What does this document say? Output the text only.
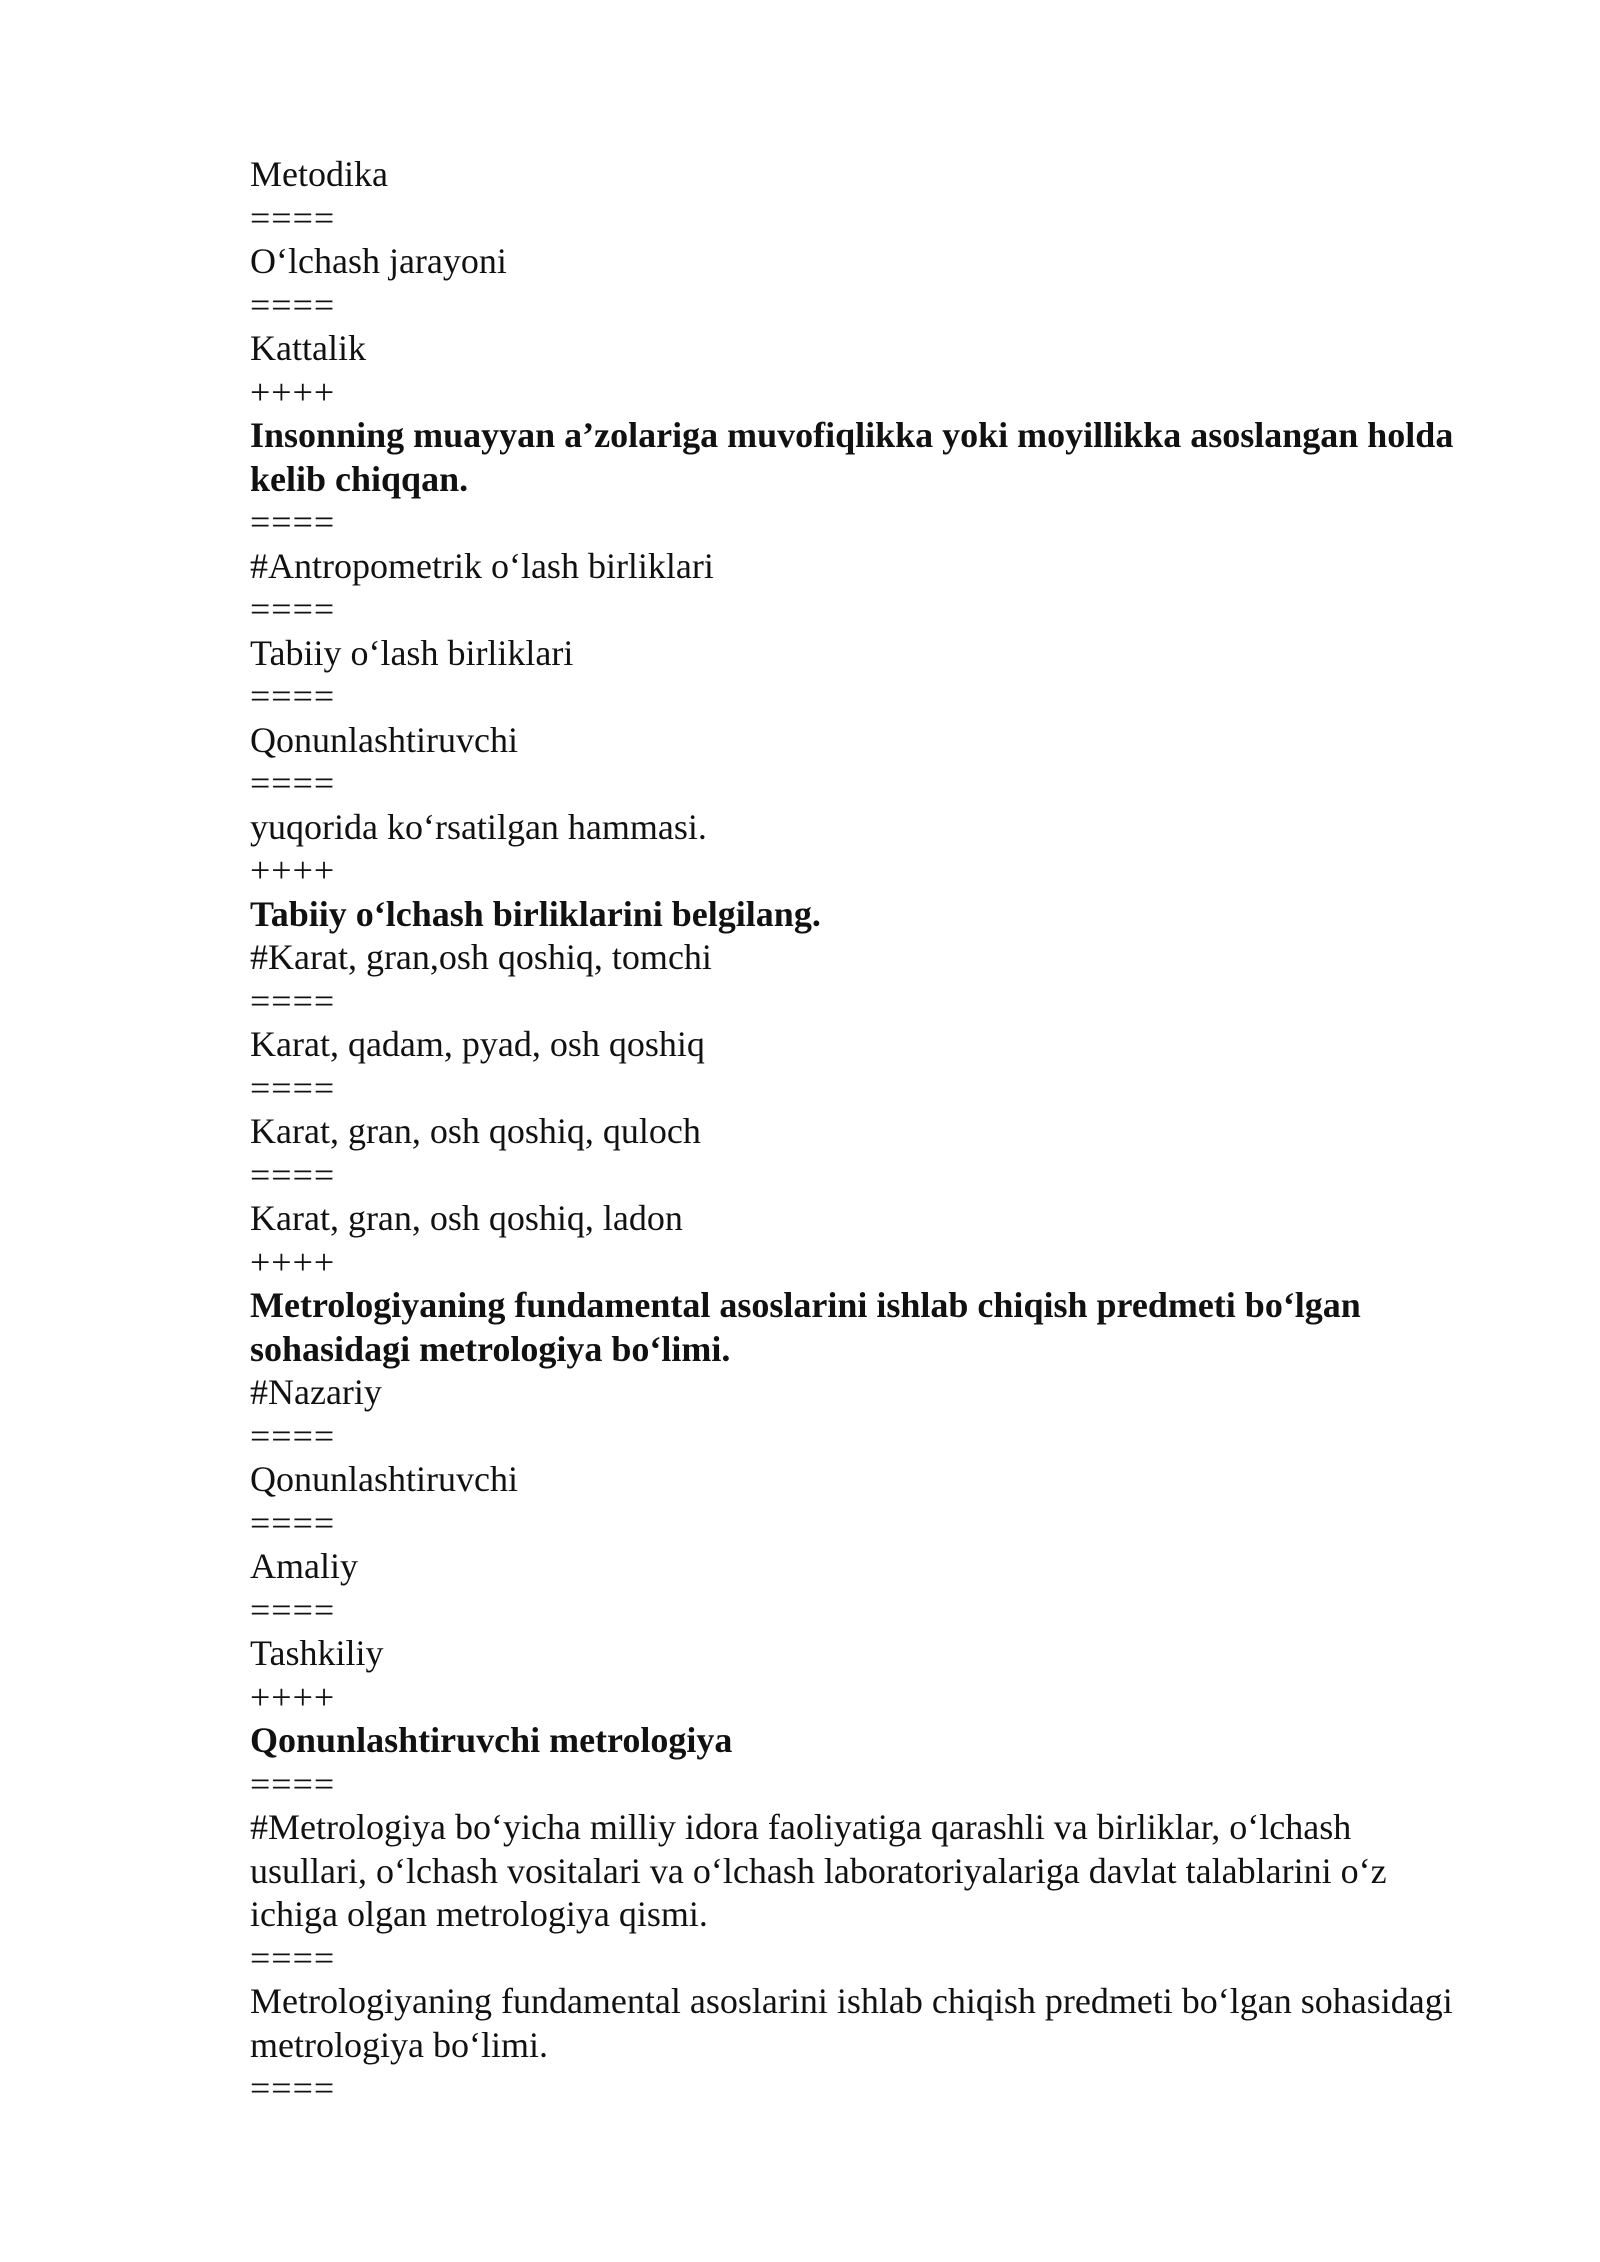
Metodika
====
O‘lchash jarayoni
====
Kattalik
++++
Insonning muayyan a’zolariga muvofiqlikka yoki moyillikka asoslangan holda kelib chiqqan.
====
#Antropometrik o‘lash birliklari
====
Tabiiy o‘lash birliklari
====
Qonunlashtiruvchi
====
yuqorida ko‘rsatilgan hammasi.
++++
Tabiiy o‘lchash birliklarini belgilang.
#Karat, gran,osh qoshiq, tomchi
====
Karat, qadam, pyad, osh qoshiq
====
Karat, gran, osh qoshiq, quloch
====
Karat, gran, osh qoshiq, ladon
++++
Metrologiyaning fundamental asoslarini ishlab chiqish predmeti bo‘lgan sohasidagi metrologiya bo‘limi.
#Nazariy
====
Qonunlashtiruvchi
====
Amaliy
====
Tashkiliy
++++
Qonunlashtiruvchi metrologiya
====
#Metrologiya bo‘yicha milliy idora faoliyatiga qarashli va birliklar, o‘lchash usullari, o‘lchash vositalari va o‘lchash laboratoriyalariga davlat talablarini o‘z ichiga olgan metrologiya qismi.
====
Metrologiyaning fundamental asoslarini ishlab chiqish predmeti bo‘lgan sohasidagi metrologiya bo‘limi.
====
